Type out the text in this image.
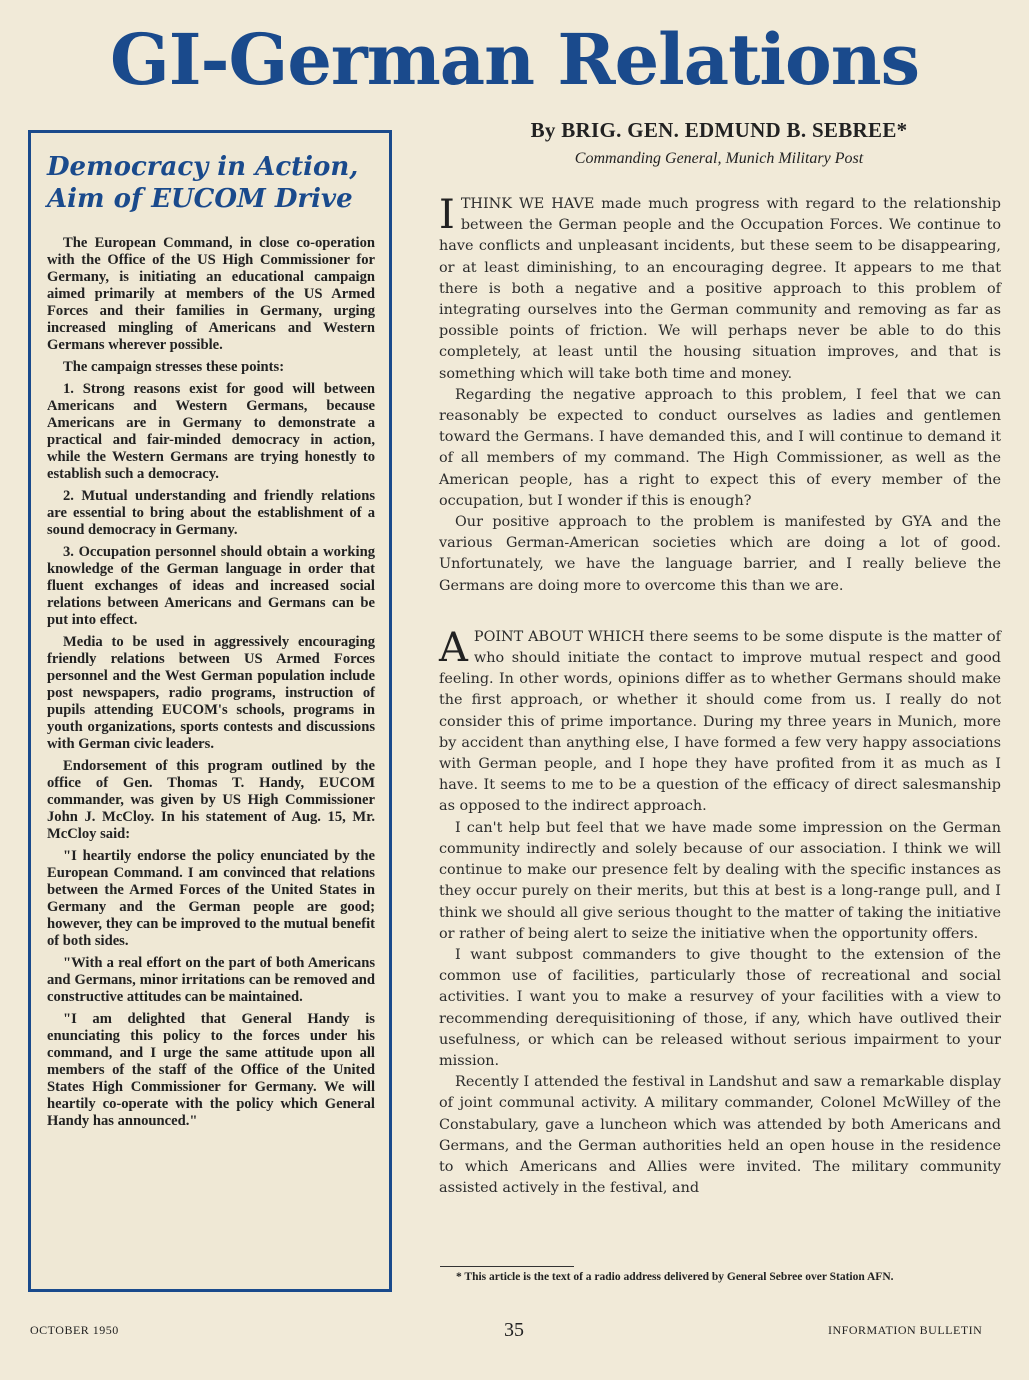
GI-German Relations
Democracy in Action,
Aim of EUCOM Drive

The European Command, in close co-operation with the Office of the US High Commissioner for Germany, is initiating an educational campaign aimed primarily at members of the US Armed Forces and their families in Germany, urging increased mingling of Americans and Western Germans wherever possible.

The campaign stresses these points:

1. Strong reasons exist for good will between Americans and Western Germans, because Americans are in Germany to demonstrate a practical and fair-minded democracy in action, while the Western Germans are trying honestly to establish such a democracy.

2. Mutual understanding and friendly relations are essential to bring about the establishment of a sound democracy in Germany.

3. Occupation personnel should obtain a working knowledge of the German language in order that fluent exchanges of ideas and increased social relations between Americans and Germans can be put into effect.

Media to be used in aggressively encouraging friendly relations between US Armed Forces personnel and the West German population include post newspapers, radio programs, instruction of pupils attending EUCOM's schools, programs in youth organizations, sports contests and discussions with German civic leaders.

Endorsement of this program outlined by the office of Gen. Thomas T. Handy, EUCOM commander, was given by US High Commissioner John J. McCloy. In his statement of Aug. 15, Mr. McCloy said:

"I heartily endorse the policy enunciated by the European Command. I am convinced that relations between the Armed Forces of the United States in Germany and the German people are good; however, they can be improved to the mutual benefit of both sides.

"With a real effort on the part of both Americans and Germans, minor irritations can be removed and constructive attitudes can be maintained.

"I am delighted that General Handy is enunciating this policy to the forces under his command, and I urge the same attitude upon all members of the staff of the Office of the United States High Commissioner for Germany. We will heartily co-operate with the policy which General Handy has announced."

By BRIG. GEN. EDMUND B. SEBREE*

Commanding General, Munich Military Post

ITHINK WE HAVE made much progress with regard to the relationship between the German people and the Occupation Forces. We continue to have conflicts and unpleasant incidents, but these seem to be disappearing, or at least diminishing, to an encouraging degree. It appears to me that there is both a negative and a positive approach to this problem of integrating ourselves into the German community and removing as far as possible points of friction. We will perhaps never be able to do this completely, at least until the housing situation improves, and that is something which will take both time and money.

Regarding the negative approach to this problem, I feel that we can reasonably be expected to conduct ourselves as ladies and gentlemen toward the Germans. I have demanded this, and I will continue to demand it of all members of my command. The High Commissioner, as well as the American people, has a right to expect this of every member of the occupation, but I wonder if this is enough?

Our positive approach to the problem is manifested by GYA and the various German-American societies which are doing a lot of good. Unfortunately, we have the language barrier, and I really believe the Germans are doing more to overcome this than we are.

APOINT ABOUT WHICH there seems to be some dispute is the matter of who should initiate the contact to improve mutual respect and good feeling. In other words, opinions differ as to whether Germans should make the first approach, or whether it should come from us. I really do not consider this of prime importance. During my three years in Munich, more by accident than anything else, I have formed a few very happy associations with German people, and I hope they have profited from it as much as I have. It seems to me to be a question of the efficacy of direct salesmanship as opposed to the indirect approach.

I can't help but feel that we have made some impression on the German community indirectly and solely because of our association. I think we will continue to make our presence felt by dealing with the specific instances as they occur purely on their merits, but this at best is a long-range pull, and I think we should all give serious thought to the matter of taking the initiative or rather of being alert to seize the initiative when the opportunity offers.

I want subpost commanders to give thought to the extension of the common use of facilities, particularly those of recreational and social activities. I want you to make a resurvey of your facilities with a view to recommending derequisitioning of those, if any, which have outlived their usefulness, or which can be released without serious impairment to your mission.

Recently I attended the festival in Landshut and saw a remarkable display of joint communal activity. A military commander, Colonel McWilley of the Constabulary, gave a luncheon which was attended by both Americans and Germans, and the German authorities held an open house in the residence to which Americans and Allies were invited. The military community assisted actively in the festival, and

* This article is the text of a radio address delivered by General Sebree over Station AFN.

OCTOBER 1950	35	INFORMATION BULLETIN
